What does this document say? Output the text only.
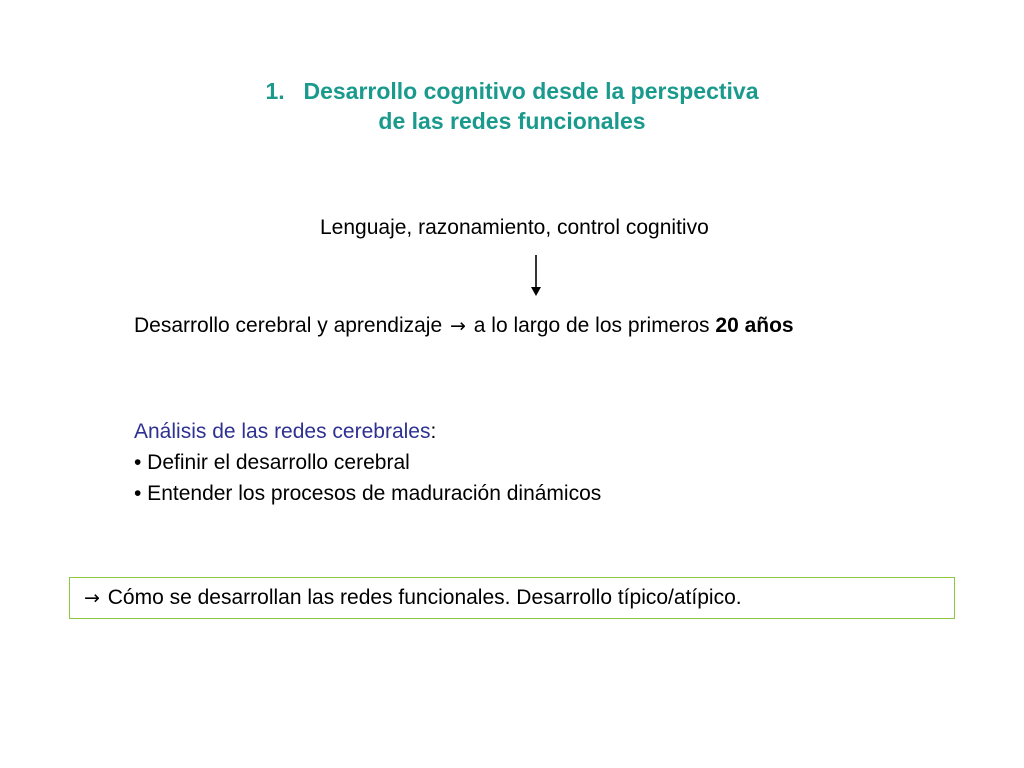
1. Desarrollo cognitivo desde la perspectiva
de las redes funcionales
Lenguaje, razonamiento, control cognitivo
Desarrollo cerebral y aprendizaje → a lo largo de los primeros 20 años
Análisis de las redes cerebrales:
• Definir el desarrollo cerebral
• Entender los procesos de maduración dinámicos
→ Cómo se desarrollan las redes funcionales. Desarrollo típico/atípico.
